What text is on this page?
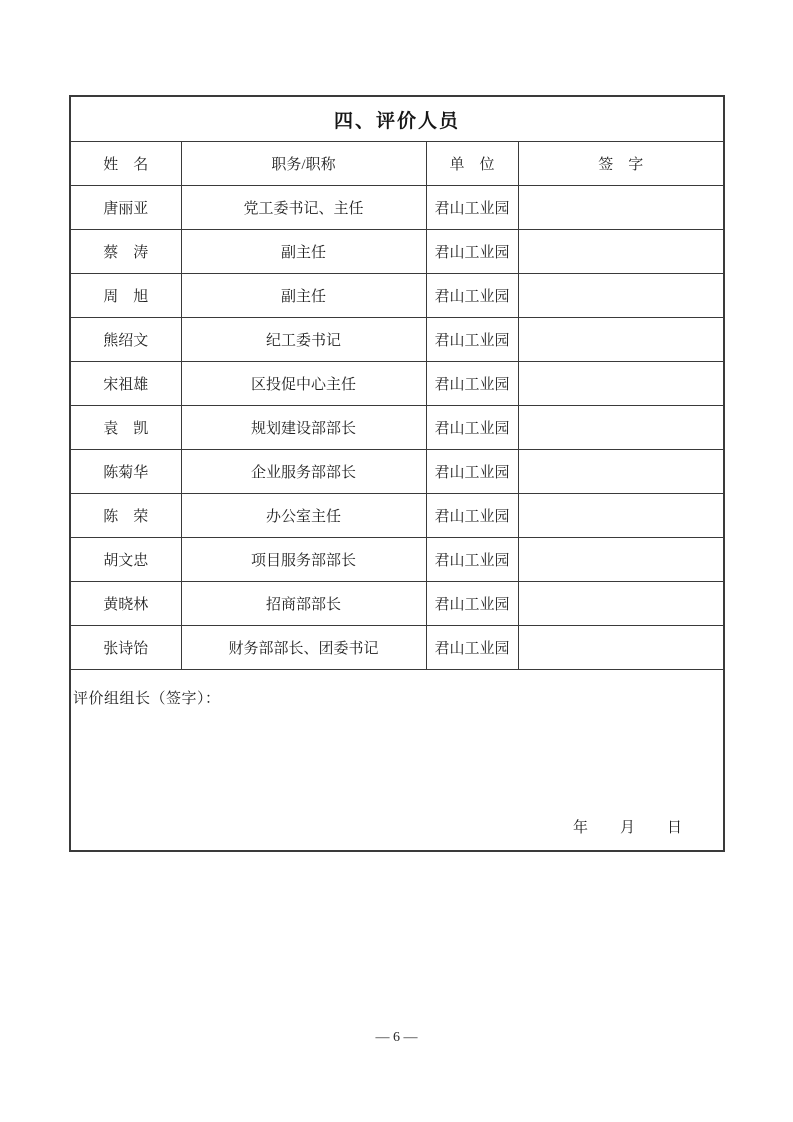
四、评价人员			
姓　名	职务/职称	单　位	签　字
唐丽亚	党工委书记、主任	君山工业园	
蔡　涛	副主任	君山工业园	
周　旭	副主任	君山工业园	
熊绍文	纪工委书记	君山工业园	
宋祖雄	区投促中心主任	君山工业园	
袁　凯	规划建设部部长	君山工业园	
陈菊华	企业服务部部长	君山工业园	
陈　荣	办公室主任	君山工业园	
胡文忠	项目服务部部长	君山工业园	
黄晓林	招商部部长	君山工业园	
张诗饴	财务部部长、团委书记	君山工业园	

评价组组长（签字）：
年 月 日			
— 6 —
